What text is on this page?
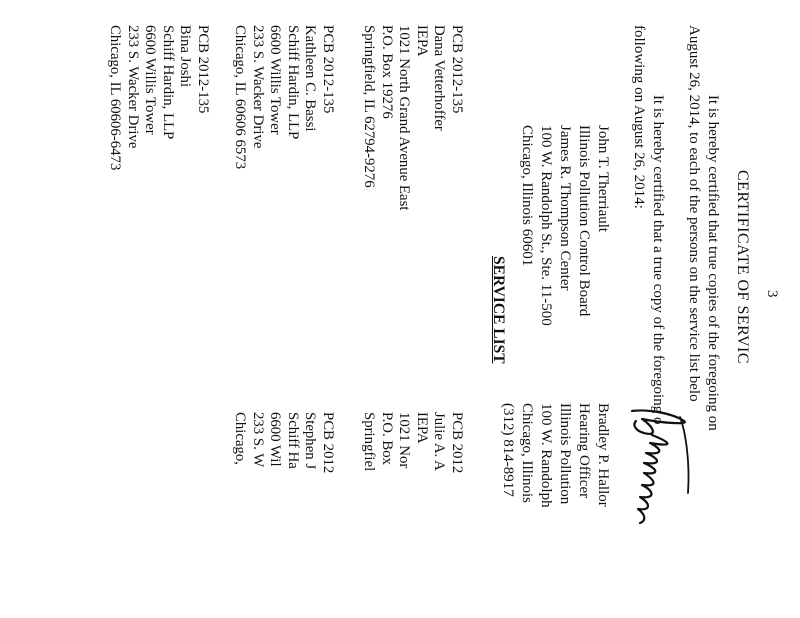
3
CERTIFICATE OF SERVIC
It is hereby certified that true copies of the foregoing on
August 26, 2014, to each of the persons on the service list belo
It is hereby certified that a true copy of the foregoing o
following on August 26, 2014:
John T. Therriault
Illinois Pollution Control Board
James R. Thompson Center
100 W. Randolph St., Ste. 11-500
Chicago, Illinois 60601
Bradley P. Hallor
Hearing Officer
Illinois Pollution
100 W. Randolph
Chicago, Illinois
(312) 814-8917
SERVICE LIST
PCB 2012-135
Dana Vetterhoffer
IEPA
1021 North Grand Avenue East
P.O. Box 19276
Springfield, IL 62794-9276
PCB 2012
Julie A. A
IEPA
1021 Nor
P.O. Box
Springfiel
PCB 2012-135
Kathleen C. Bassi
Schiff Hardin, LLP
6600 Willis Tower
233 S. Wacker Drive
Chicago, IL 60606 6573
PCB 2012
Stephen J
Schiff Ha
6600 Wil
233 S. W
Chicago,
PCB 2012-135
Bina Joshi
Schiff Hardin, LLP
6600 Willis Tower
233 S. Wacker Drive
Chicago, IL 60606-6473
